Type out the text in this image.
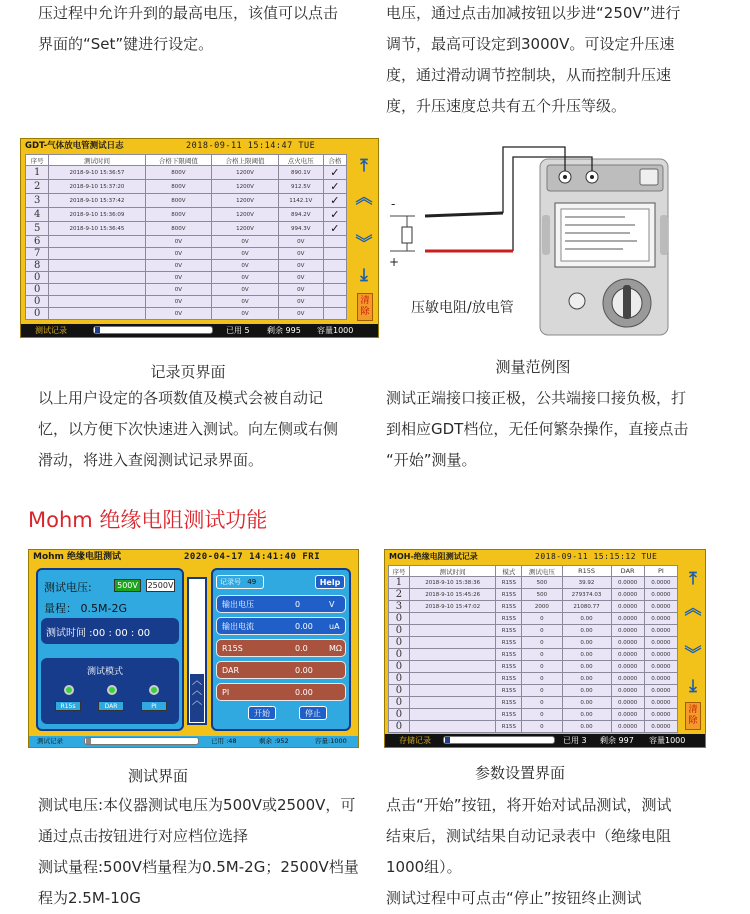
压过程中允许升到的最高电压，该值可以点击
界面的“Set”键进行设定。
电压，通过点击加减按钮以步进“250V”进行
调节，最高可设定到3000V。可设定升压速
度，通过滑动调节控制块，从而控制升压速
度，升压速度总共有五个升压等级。
GDT-气体放电管测试日志	2018-09-11 15:14:47 TUE
序号	测试时间	合格下限阈值	合格上限阈值	点火电压	合格
1	2018-9-10 15:36:57	800V	1200V	890.1V	✓
2	2018-9-10 15:37:20	800V	1200V	912.5V	✓
3	2018-9-10 15:37:42	800V	1200V	1142.1V	✓
4	2018-9-10 15:36:09	800V	1200V	894.2V	✓
5	2018-9-10 15:36:45	800V	1200V	994.3V	✓
6		0V	0V	0V	
7		0V	0V	0V	
8		0V	0V	0V	
0		0V	0V	0V	
0		0V	0V	0V	
0		0V	0V	0V	
0		0V	0V	0V	
⤒
︽
︾
⤓
清除
测试记录	已用 5 剩余 995 容量1000
-
+
压敏电阻/放电管
记录页界面	测量范例图
以上用户设定的各项数值及模式会被自动记
忆，以方便下次快速进入测试。向左侧或右侧
滑动，将进入查阅测试记录界面。
测试正端接口接正极，公共端接口接负极，打
到相应GDT档位，无任何繁杂操作，直接点击
“开始”测量。
Mohm 绝缘电阻测试功能
Mohm 绝缘电阻测试	2020-04-17 14:41:40 FRI
测试电压:	500V	2500V
量程： 0.5M-2G
测试时间 :00 : 00 : 00
测试模式
R15s	DAR	PI
︿
︿
︿
记录号 49	Help
输出电压	0	V
输出电流	0.00 uA
R15S	0.0	MΩ
DAR	0.00
PI	0.00
开始	停止
测试记录	已用 :48	剩余 :952	容量:1000
MOH-绝缘电阻测试记录	2018-09-11 15:15:12 TUE
序号	测试时间	模式	测试电压	R15S	DAR	PI
1	2018-9-10 15:38:36	R15S	500	39.92	0.0000	0.0000
2	2018-9-10 15:45:26	R15S	500	279374.03	0.0000	0.0000
3	2018-9-10 15:47:02	R15S	2000	21080.77	0.0000	0.0000
0		R15S	0	0.00	0.0000	0.0000
0		R15S	0	0.00	0.0000	0.0000
0		R15S	0	0.00	0.0000	0.0000
0		R15S	0	0.00	0.0000	0.0000
0		R15S	0	0.00	0.0000	0.0000
0		R15S	0	0.00	0.0000	0.0000
0		R15S	0	0.00	0.0000	0.0000
0		R15S	0	0.00	0.0000	0.0000
0		R15S	0	0.00	0.0000	0.0000
0		R15S	0	0.00	0.0000	0.0000
⤒
︽
︾
⤓
清除
存储记录	已用 3 剩余 997 容量1000
测试界面	参数设置界面
测试电压:本仪器测试电压为500V或2500V，可
通过点击按钮进行对应档位选择
测试量程:500V档量程为0.5M-2G；2500V档量
程为2.5M-10G
点击“开始”按钮，将开始对试品测试，测试
结束后，测试结果自动记录表中（绝缘电阻
1000组）。
测试过程中可点击“停止”按钮终止测试
